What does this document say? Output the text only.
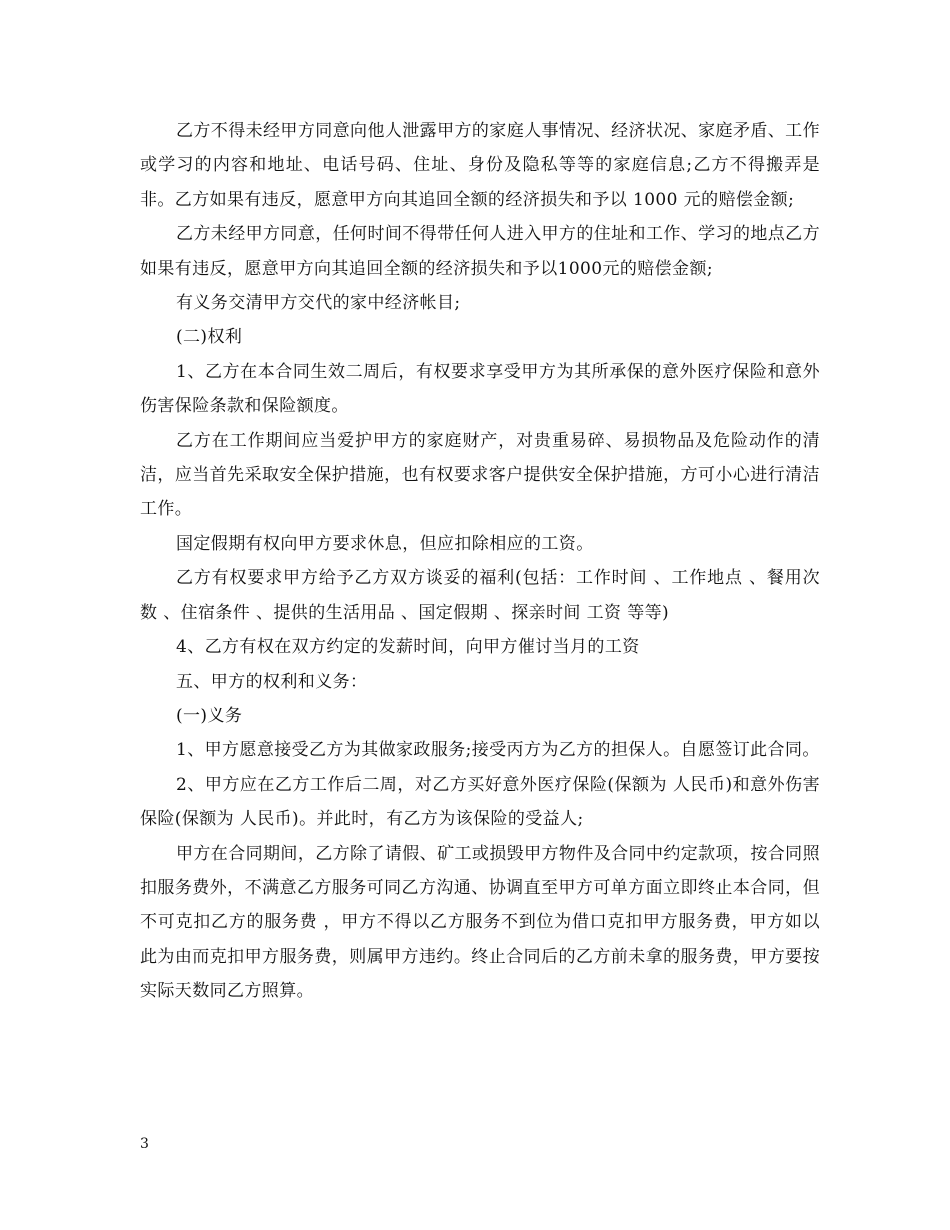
乙方不得未经甲方同意向他人泄露甲方的家庭人事情况、经济状况、家庭矛盾、工作或学习的内容和地址、电话号码、住址、身份及隐私等等的家庭信息;乙方不得搬弄是非。乙方如果有违反，愿意甲方向其追回全额的经济损失和予以 1000 元的赔偿金额;

乙方未经甲方同意，任何时间不得带任何人进入甲方的住址和工作、学习的地点乙方如果有违反，愿意甲方向其追回全额的经济损失和予以1000元的赔偿金额;

有义务交清甲方交代的家中经济帐目;

(二)权利

1、乙方在本合同生效二周后，有权要求享受甲方为其所承保的意外医疗保险和意外伤害保险条款和保险额度。

乙方在工作期间应当爱护甲方的家庭财产，对贵重易碎、易损物品及危险动作的清洁，应当首先采取安全保护措施，也有权要求客户提供安全保护措施，方可小心进行清洁工作。

国定假期有权向甲方要求休息，但应扣除相应的工资。

乙方有权要求甲方给予乙方双方谈妥的福利(包括：工作时间 、工作地点 、餐用次数 、住宿条件 、提供的生活用品 、国定假期 、探亲时间 工资 等等)

4、乙方有权在双方约定的发薪时间，向甲方催讨当月的工资

五、甲方的权利和义务：

(一)义务

1、甲方愿意接受乙方为其做家政服务;接受丙方为乙方的担保人。自愿签订此合同。

2、甲方应在乙方工作后二周，对乙方买好意外医疗保险(保额为 人民币)和意外伤害保险(保额为 人民币)。并此时，有乙方为该保险的受益人;

甲方在合同期间，乙方除了请假、矿工或损毁甲方物件及合同中约定款项，按合同照扣服务费外，不满意乙方服务可同乙方沟通、协调直至甲方可单方面立即终止本合同，但不可克扣乙方的服务费 ，甲方不得以乙方服务不到位为借口克扣甲方服务费，甲方如以此为由而克扣甲方服务费，则属甲方违约。终止合同后的乙方前未拿的服务费，甲方要按实际天数同乙方照算。

3
